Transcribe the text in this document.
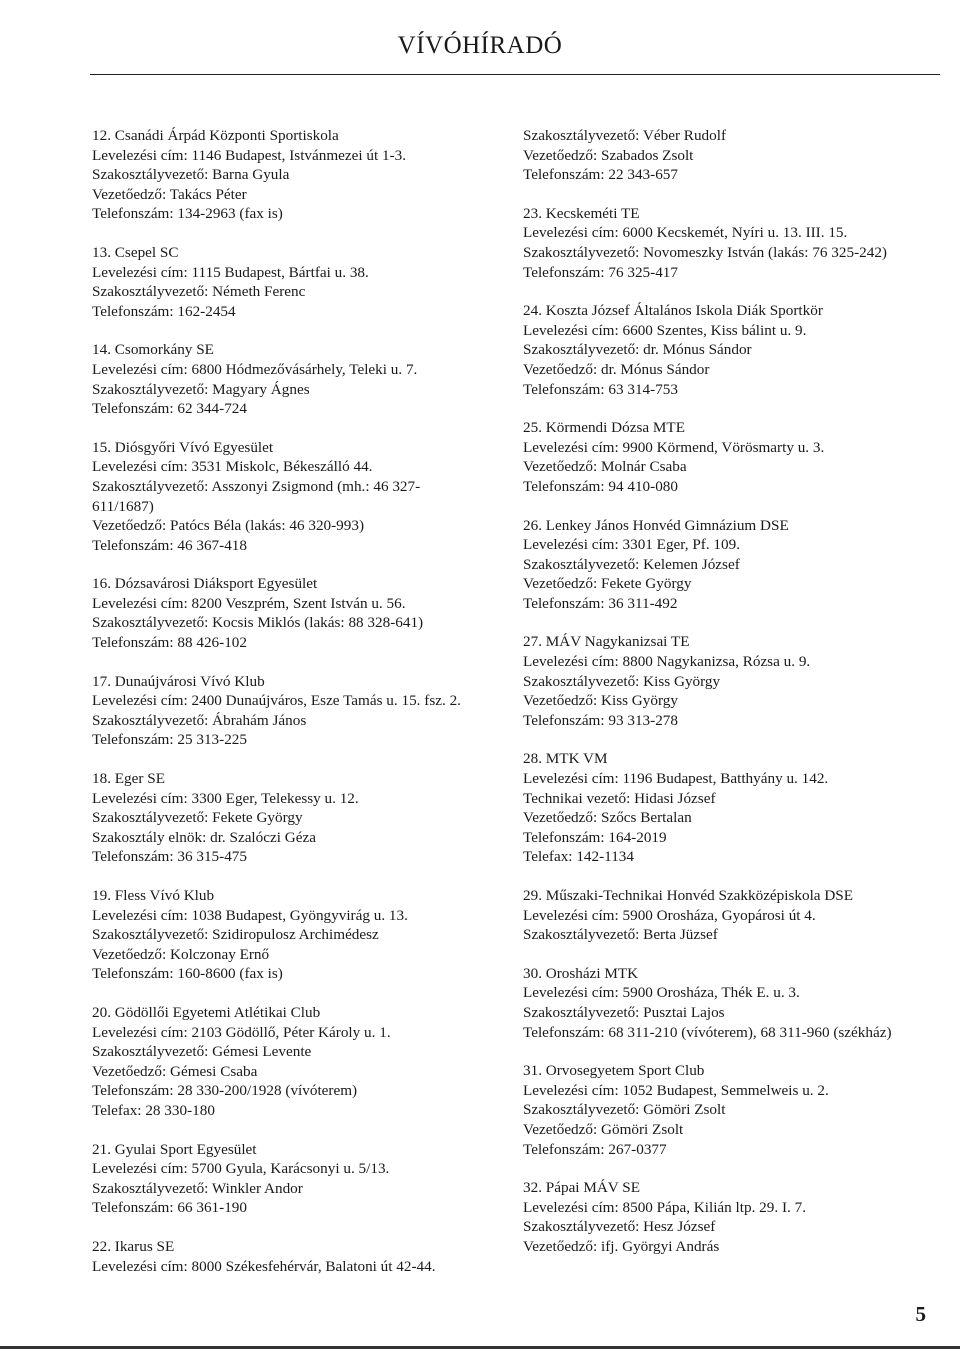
VÍVÓHÍRADÓ
12. Csanádi Árpád Központi Sportiskola
Levelezési cím: 1146 Budapest, Istvánmezei út 1-3.
Szakosztályvezető: Barna Gyula
Vezetőedző: Takács Péter
Telefonszám: 134-2963 (fax is)
13. Csepel SC
Levelezési cím: 1115 Budapest, Bártfai u. 38.
Szakosztályvezető: Németh Ferenc
Telefonszám: 162-2454
14. Csomorkány SE
Levelezési cím: 6800 Hódmezővásárhely, Teleki u. 7.
Szakosztályvezető: Magyary Ágnes
Telefonszám: 62 344-724
15. Diósgyőri Vívó Egyesület
Levelezési cím: 3531 Miskolc, Békeszálló 44.
Szakosztályvezető: Asszonyi Zsigmond (mh.: 46 327-
611/1687)
Vezetőedző: Patócs Béla (lakás: 46 320-993)
Telefonszám: 46 367-418
16. Dózsavárosi Diáksport Egyesület
Levelezési cím: 8200 Veszprém, Szent István u. 56.
Szakosztályvezető: Kocsis Miklós (lakás: 88 328-641)
Telefonszám: 88 426-102
17. Dunaújvárosi Vívó Klub
Levelezési cím: 2400 Dunaújváros, Esze Tamás u. 15. fsz. 2.
Szakosztályvezető: Ábrahám János
Telefonszám: 25 313-225
18. Eger SE
Levelezési cím: 3300 Eger, Telekessy u. 12.
Szakosztályvezető: Fekete György
Szakosztály elnök: dr. Szalóczi Géza
Telefonszám: 36 315-475
19. Fless Vívó Klub
Levelezési cím: 1038 Budapest, Gyöngyvirág u. 13.
Szakosztályvezető: Szidiropulosz Archimédesz
Vezetőedző: Kolczonay Ernő
Telefonszám: 160-8600 (fax is)
20. Gödöllői Egyetemi Atlétikai Club
Levelezési cím: 2103 Gödöllő, Péter Károly u. 1.
Szakosztályvezető: Gémesi Levente
Vezetőedző: Gémesi Csaba
Telefonszám: 28 330-200/1928 (vívóterem)
Telefax: 28 330-180
21. Gyulai Sport Egyesület
Levelezési cím: 5700 Gyula, Karácsonyi u. 5/13.
Szakosztályvezető: Winkler Andor
Telefonszám: 66 361-190
22. Ikarus SE
Levelezési cím: 8000 Székesfehérvár, Balatoni út 42-44.
Szakosztályvezető: Véber Rudolf
Vezetőedző: Szabados Zsolt
Telefonszám: 22 343-657
23. Kecskeméti TE
Levelezési cím: 6000 Kecskemét, Nyíri u. 13. III. 15.
Szakosztályvezető: Novomeszky István (lakás: 76 325-242)
Telefonszám: 76 325-417
24. Koszta József Általános Iskola Diák Sportkör
Levelezési cím: 6600 Szentes, Kiss bálint u. 9.
Szakosztályvezető: dr. Mónus Sándor
Vezetőedző: dr. Mónus Sándor
Telefonszám: 63 314-753
25. Körmendi Dózsa MTE
Levelezési cím: 9900 Körmend, Vörösmarty u. 3.
Vezetőedző: Molnár Csaba
Telefonszám: 94 410-080
26. Lenkey János Honvéd Gimnázium DSE
Levelezési cím: 3301 Eger, Pf. 109.
Szakosztályvezető: Kelemen József
Vezetőedző: Fekete György
Telefonszám: 36 311-492
27. MÁV Nagykanizsai TE
Levelezési cím: 8800 Nagykanizsa, Rózsa u. 9.
Szakosztályvezető: Kiss György
Vezetőedző: Kiss György
Telefonszám: 93 313-278
28. MTK VM
Levelezési cím: 1196 Budapest, Batthyány u. 142.
Technikai vezető: Hidasi József
Vezetőedző: Szőcs Bertalan
Telefonszám: 164-2019
Telefax: 142-1134
29. Műszaki-Technikai Honvéd Szakközépiskola DSE
Levelezési cím: 5900 Orosháza, Gyopárosi út 4.
Szakosztályvezető: Berta Jüzsef
30. Orosházi MTK
Levelezési cím: 5900 Orosháza, Thék E. u. 3.
Szakosztályvezető: Pusztai Lajos
Telefonszám: 68 311-210 (vívóterem), 68 311-960 (székház)
31. Orvosegyetem Sport Club
Levelezési cím: 1052 Budapest, Semmelweis u. 2.
Szakosztályvezető: Gömöri Zsolt
Vezetőedző: Gömöri Zsolt
Telefonszám: 267-0377
32. Pápai MÁV SE
Levelezési cím: 8500 Pápa, Kilián ltp. 29. I. 7.
Szakosztályvezető: Hesz József
Vezetőedző: ifj. Györgyi András
5
